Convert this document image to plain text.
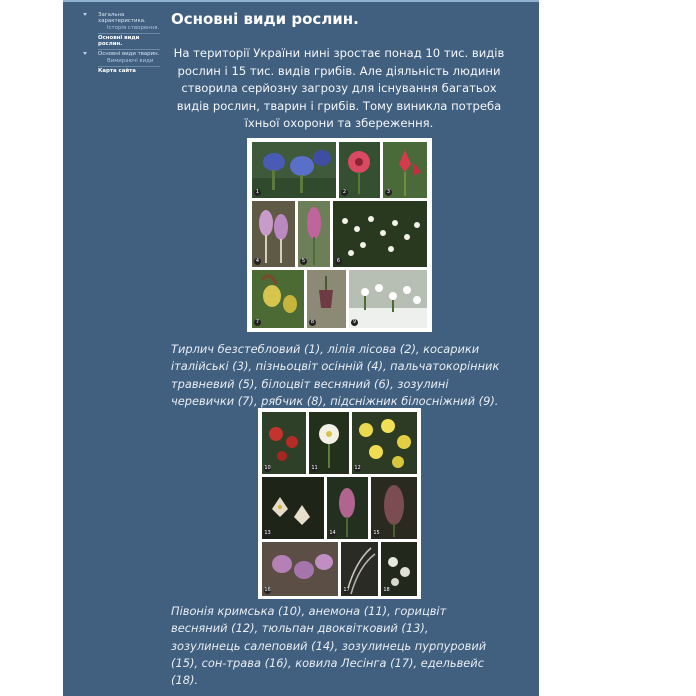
Загальна характеристика.
Історія створення.
Основні види рослин.
Основні види тварин.
Вимираючі види
Карта сайта
Основні види рослин.

На території України нині зростає понад 10 тис. видів рослин і 15 тис. видів грибів. Але діяльність людини створила серйозну загрозу для існування багатьох видів рослин, тварин і грибів. Тому виникла потреба їхньої охорони та збереження.

1	2	3
4	5	6
7	8	9

Тирлич безстебловий (1), лілія лісова (2), косарики італійські (3), пізньоцвіт осінній (4), пальчатокорінник травневий (5), білоцвіт весняний (6), зозулині черевички (7), рябчик (8), підсніжник білосніжний (9).

10	11	12
13	14	15
16	17	18

Півонія кримська (10), анемона (11), горицвіт весняний (12), тюльпан двоквітковий (13), зозулинець салеповий (14), зозулинець пурпуровий (15), сон-трава (16), ковила Лесінга (17), едельвейс (18).
